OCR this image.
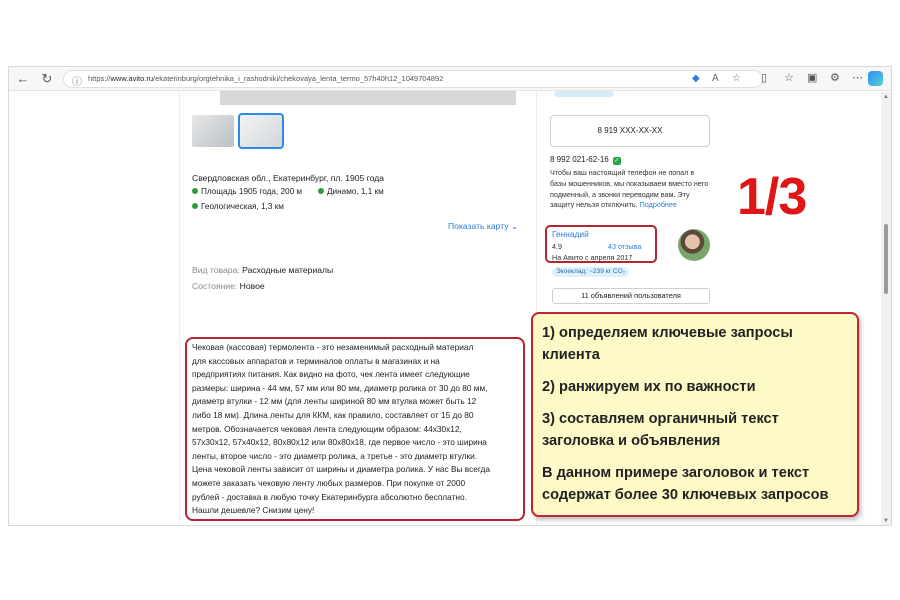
← ↻ ⓘ https://www.avito.ru/ekaterinburg/orgtehnika_i_rashodniki/chekovaya_lenta_termo_57h40h12_1049704892	◆ A ☆ ▯ ☆ ▣ ⚙ ⋯
▲
▼
Свердловская обл., Екатеринбург, пл. 1905 года
Площадь 1905 года, 200 м	Динамо, 1,1 км
Геологическая, 1,3 км
Показать карту ⌄
Вид товара: Расходные материалы
Состояние: Новое
Чековая (кассовая) термолента - это незаменимый расходный материал
для кассовых аппаратов и терминалов оплаты в магазинах и на
предприятиях питания. Как видно на фото, чек лента имеет следующие
размеры: ширина - 44 мм, 57 мм или 80 мм, диаметр ролика от 30 до 80 мм,
диаметр втулки - 12 мм (для ленты шириной 80 мм втулка может быть 12
либо 18 мм). Длина ленты для ККМ, как правило, составляет от 15 до 80
метров. Обозначается чековая лента следующим образом: 44х30х12,
57х30х12, 57х40х12, 80х80х12 или 80х80х18, где первое число - это ширина
ленты, второе число - это диаметр ролика, а третье - это диаметр втулки.
Цена чековой ленты зависит от ширины и диаметра ролика. У нас Вы всегда
можете заказать чековую ленту любых размеров. При покупке от 2000
рублей - доставка в любую точку Екатеринбурга абсолютно бесплатно.
Нашли дешевле? Снизим цену!
8 919 XXX-XX-XX
8 992 021-62-16 ✓
Чтобы ваш настоящий телефон не попал в базы мошенников, мы показываем вместо него подменный, а звонки переводим вам. Эту защиту нельзя отключить. Подробнее
Геннадий
4.9	43 отзыва
На Авито с апреля 2017
Экоеклад: ~239 кг CO₂
11 объявлений пользователя
1/3

1) определяем ключевые запросы

клиента

2) ранжируем их по важности

3) составляем органичный текст

заголовка и объявления

В данном примере заголовок и текст

содержат более 30 ключевых запросов
